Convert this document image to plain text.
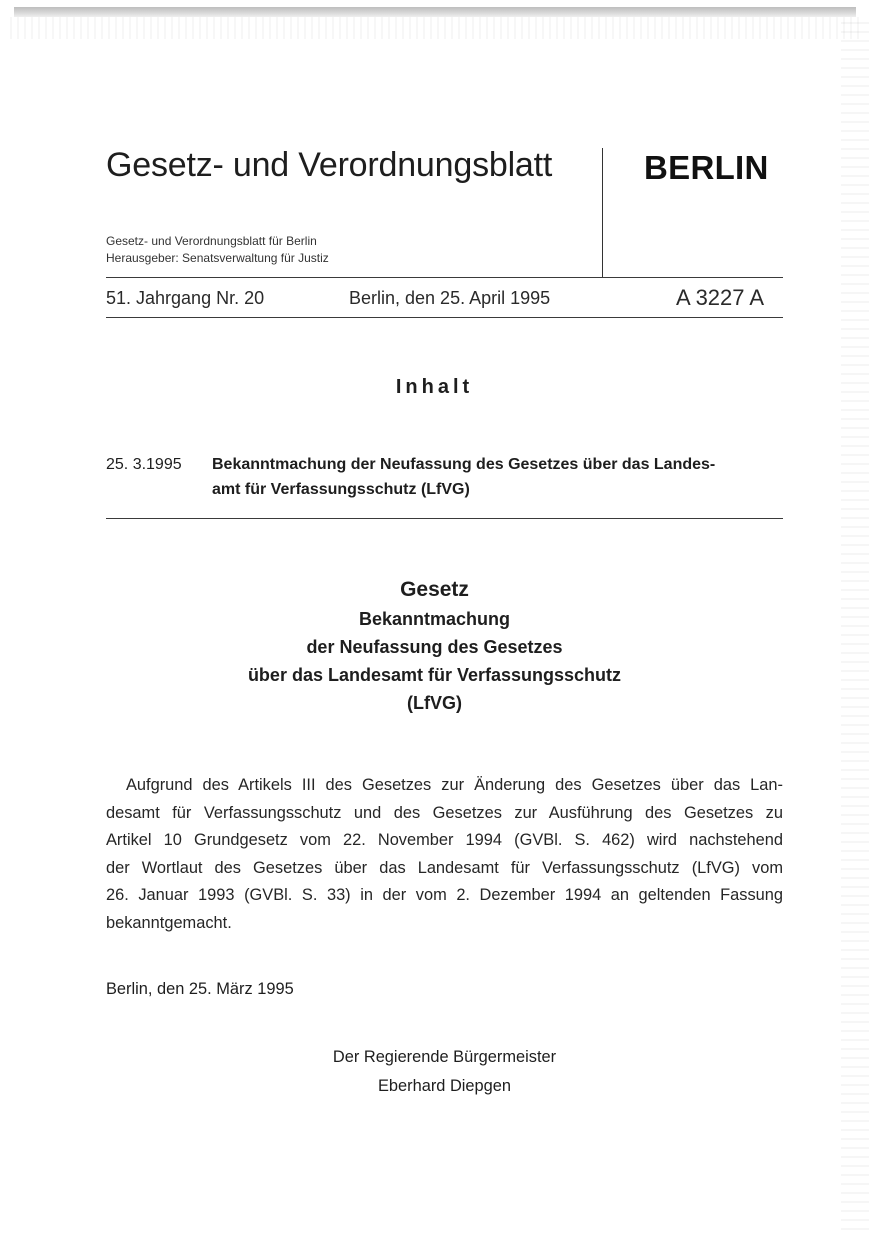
Gesetz- und Verordnungsblatt	BERLIN
Gesetz- und Verordnungsblatt für Berlin
Herausgeber: Senatsverwaltung für Justiz
51. Jahrgang Nr. 20	Berlin, den 25. April 1995	A 3227 A
Inhalt
25. 3.1995 Bekanntmachung der Neufassung des Gesetzes über das Landes-
amt für Verfassungsschutz (LfVG)
Gesetz
Bekanntmachung
der Neufassung des Gesetzes
über das Landesamt für Verfassungsschutz
(LfVG)
Aufgrund des Artikels III des Gesetzes zur Änderung des Gesetzes über das Lan-
desamt für Verfassungsschutz und des Gesetzes zur Ausführung des Gesetzes zu
Artikel 10 Grundgesetz vom 22. November 1994 (GVBl. S. 462) wird nachstehend
der Wortlaut des Gesetzes über das Landesamt für Verfassungsschutz (LfVG) vom
26. Januar 1993 (GVBl. S. 33) in der vom 2. Dezember 1994 an geltenden Fassung
bekanntgemacht.
Berlin, den 25. März 1995
Der Regierende Bürgermeister
Eberhard Diepgen
